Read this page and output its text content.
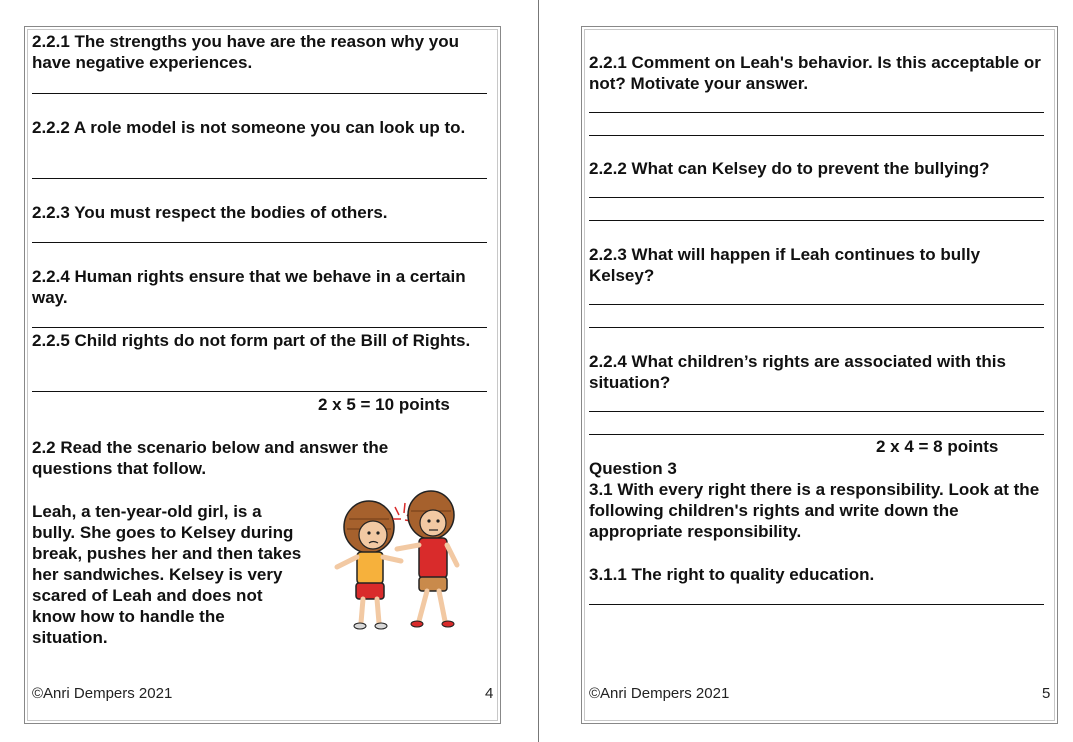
2.2.1 The strengths you have are the reason why you have negative experiences.

2.2.2 A role model is not someone you can look up to.

2.2.3 You must respect the bodies of others.

2.2.4 Human rights ensure that we behave in a certain way.

2.2.5 Child rights do not form part of the Bill of Rights.

2 x 5 = 10 points

2.2 Read the scenario below and answer the questions that follow.

Leah, a ten-year-old girl, is a bully. She goes to Kelsey during break, pushes her and then takes her sandwiches. Kelsey is very scared of Leah and does not know how to handle the situation.

©Anri Dempers 2021	4

2.2.1 Comment on Leah's behavior. Is this acceptable or not? Motivate your answer.

2.2.2 What can Kelsey do to prevent the bullying?

2.2.3 What will happen if Leah continues to bully Kelsey?

2.2.4 What children’s rights are associated with this situation?

2 x 4 = 8 points

Question 3

3.1 With every right there is a responsibility. Look at the following children's rights and write down the appropriate responsibility.

3.1.1 The right to quality education.

©Anri Dempers 2021	5
